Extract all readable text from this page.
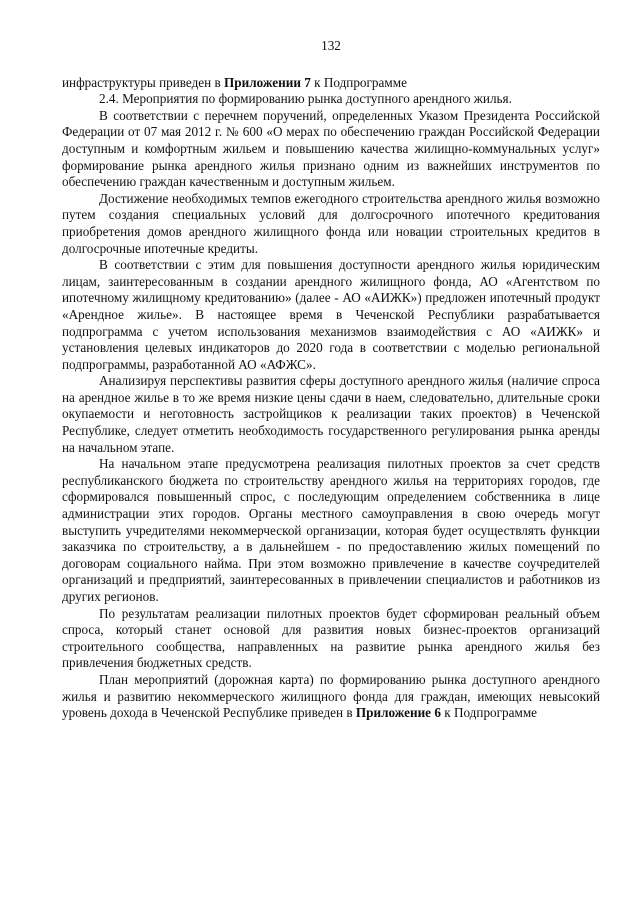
132

инфраструктуры приведен в Приложении 7 к Подпрограмме

2.4. Мероприятия по формированию рынка доступного арендного жилья.

В соответствии с перечнем поручений, определенных Указом Президента Российской Федерации от 07 мая 2012 г. № 600 «О мерах по обеспечению граждан Российской Федерации доступным и комфортным жильем и повышению качества жилищно-коммунальных услуг» формирование рынка арендного жилья признано одним из важнейших инструментов по обеспечению граждан качественным и доступным жильем.

Достижение необходимых темпов ежегодного строительства арендного жилья возможно путем создания специальных условий для долгосрочного ипотечного кредитования приобретения домов арендного жилищного фонда или новации строительных кредитов в долгосрочные ипотечные кредиты.

В соответствии с этим для повышения доступности арендного жилья юридическим лицам, заинтересованным в создании арендного жилищного фонда, АО «Агентством по ипотечному жилищному кредитованию» (далее - АО «АИЖК») предложен ипотечный продукт «Арендное жилье». В настоящее время в Чеченской Республики разрабатывается подпрограмма с учетом использования механизмов взаимодействия с АО «АИЖК» и установления целевых индикаторов до 2020 года в соответствии с моделью региональной подпрограммы, разработанной АО «АФЖС».

Анализируя перспективы развития сферы доступного арендного жилья (наличие спроса на арендное жилье в то же время низкие цены сдачи в наем, следовательно, длительные сроки окупаемости и неготовность застройщиков к реализации таких проектов) в Чеченской Республике, следует отметить необходимость государственного регулирования рынка аренды на начальном этапе.

На начальном этапе предусмотрена реализация пилотных проектов за счет средств республиканского бюджета по строительству арендного жилья на территориях городов, где сформировался повышенный спрос, с последующим определением собственника в лице администрации этих городов. Органы местного самоуправления в свою очередь могут выступить учредителями некоммерческой организации, которая будет осуществлять функции заказчика по строительству, а в дальнейшем - по предоставлению жилых помещений по договорам социального найма. При этом возможно привлечение в качестве соучредителей организаций и предприятий, заинтересованных в привлечении специалистов и работников из других регионов.

По результатам реализации пилотных проектов будет сформирован реальный объем спроса, который станет основой для развития новых бизнес-проектов организаций строительного сообщества, направленных на развитие рынка арендного жилья без привлечения бюджетных средств.

План мероприятий (дорожная карта) по формированию рынка доступного арендного жилья и развитию некоммерческого жилищного фонда для граждан, имеющих невысокий уровень дохода в Чеченской Республике приведен в Приложение 6 к Подпрограмме
